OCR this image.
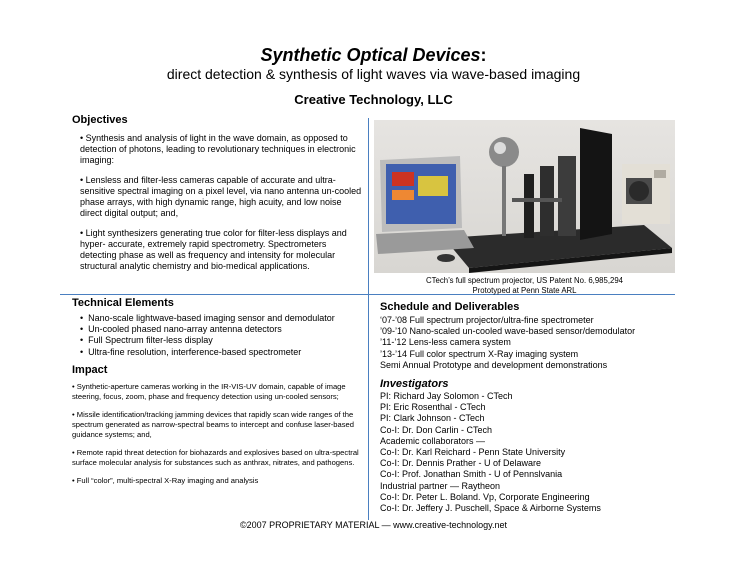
Synthetic Optical Devices:
direct detection & synthesis of light waves via wave-based imaging
Creative Technology, LLC
Objectives

• Synthesis and analysis of light in the wave domain, as opposed to detection of photons, leading to revolutionary techniques in electronic imaging:

• Lensless and filter-less cameras capable of accurate and ultra-sensitive spectral imaging on a pixel level, via nano antenna un-cooled phase arrays, with high dynamic range, high acuity, and low noise direct digital output; and,

• Light synthesizers generating true color for filter-less displays and hyper- accurate, extremely rapid spectrometry. Spectrometers detecting phase as well as frequency and intensity for molecular structural analytic chemistry and bio-medical applications.

CTech’s full spectrum projector, US Patent No. 6,985,294
Prototyped at Penn State ARL
Technical Elements
•  Nano-scale lightwave-based imaging sensor and demodulator
•  Un-cooled phased nano-array antenna detectors
•  Full Spectrum filter-less display
•  Ultra-fine resolution, interference-based spectrometer
Impact

• Synthetic-aperture cameras working in the IR-VIS-UV domain, capable of image steering, focus, zoom, phase and frequency detection using un-cooled sensors;

• Missile identification/tracking jamming devices that rapidly scan wide ranges of the spectrum generated as narrow-spectral beams to intercept and confuse laser-based guidance systems; and,

• Remote rapid threat detection for biohazards and explosives based on ultra-spectral surface molecular analysis for substances such as anthrax, nitrates, and pathogens.

• Full “color”, multi-spectral X-Ray imaging and analysis

Schedule and Deliverables
‘07-’08 Full spectrum projector/ultra-fine spectrometer
’09-’10 Nano-scaled un-cooled wave-based sensor/demodulator
’11-’12 Lens-less camera system
’13-’14 Full color spectrum X-Ray imaging system
Semi Annual Prototype and development demonstrations
Investigators
PI: Richard Jay Solomon - CTech
PI: Eric Rosenthal - CTech
PI: Clark Johnson - CTech
Co-I: Dr. Don Carlin - CTech
Academic collaborators —
Co-I: Dr. Karl Reichard - Penn State University
Co-I: Dr. Dennis Prather - U of Delaware
Co-I: Prof. Jonathan Smith - U of Pennslvania
Industrial partner — Raytheon
Co-I: Dr. Peter L. Boland. Vp, Corporate Engineering
Co-I: Dr. Jeffery J. Puschell, Space & Airborne Systems
©2007 PROPRIETARY MATERIAL — www.creative-technology.net
